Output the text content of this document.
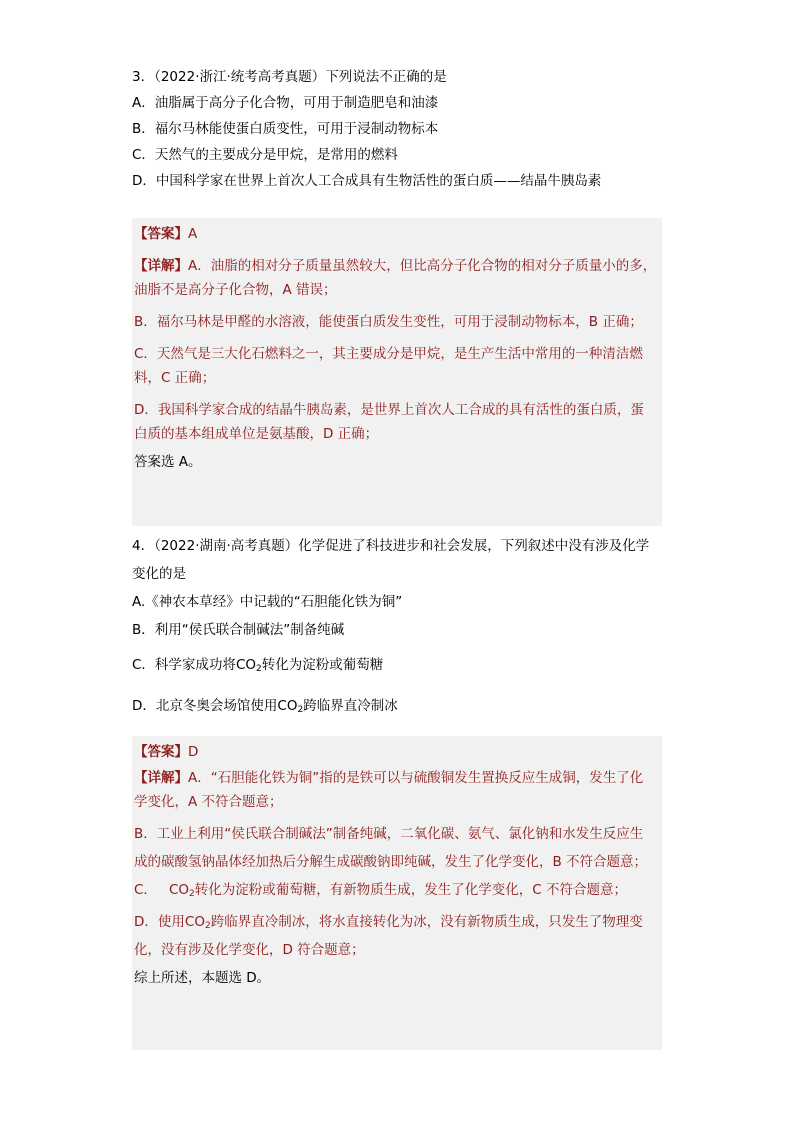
3．（2022·浙江·统考高考真题）下列说法不正确的是
A．油脂属于高分子化合物，可用于制造肥皂和油漆
B．福尔马林能使蛋白质变性，可用于浸制动物标本
C．天然气的主要成分是甲烷，是常用的燃料
D．中国科学家在世界上首次人工合成具有生物活性的蛋白质——结晶牛胰岛素
【答案】A
【详解】A．油脂的相对分子质量虽然较大，但比高分子化合物的相对分子质量小的多，
油脂不是高分子化合物，A 错误；
B．福尔马林是甲醛的水溶液，能使蛋白质发生变性，可用于浸制动物标本，B 正确；
C．天然气是三大化石燃料之一，其主要成分是甲烷，是生产生活中常用的一种清洁燃
料，C 正确；
D．我国科学家合成的结晶牛胰岛素，是世界上首次人工合成的具有活性的蛋白质，蛋
白质的基本组成单位是氨基酸，D 正确；
答案选 A。
4．（2022·湖南·高考真题）化学促进了科技进步和社会发展，下列叙述中没有涉及化学
变化的是
A.《神农本草经》中记载的“石胆能化铁为铜”
B．利用“侯氏联合制碱法”制备纯碱
C．科学家成功将$CO_2$转化为淀粉或葡萄糖
D．北京冬奥会场馆使用$CO_2$跨临界直冷制冰
【答案】D
【详解】A．“石胆能化铁为铜”指的是铁可以与硫酸铜发生置换反应生成铜，发生了化
学变化，A 不符合题意；
B．工业上利用“侯氏联合制碱法”制备纯碱，二氧化碳、氨气、氯化钠和水发生反应生
成的碳酸氢钠晶体经加热后分解生成碳酸钠即纯碱，发生了化学变化，B 不符合题意；
C． $CO_2$转化为淀粉或葡萄糖，有新物质生成，发生了化学变化，C 不符合题意；
D．使用$CO_2$跨临界直冷制冰，将水直接转化为冰，没有新物质生成，只发生了物理变
化，没有涉及化学变化，D 符合题意；
综上所述，本题选 D。
